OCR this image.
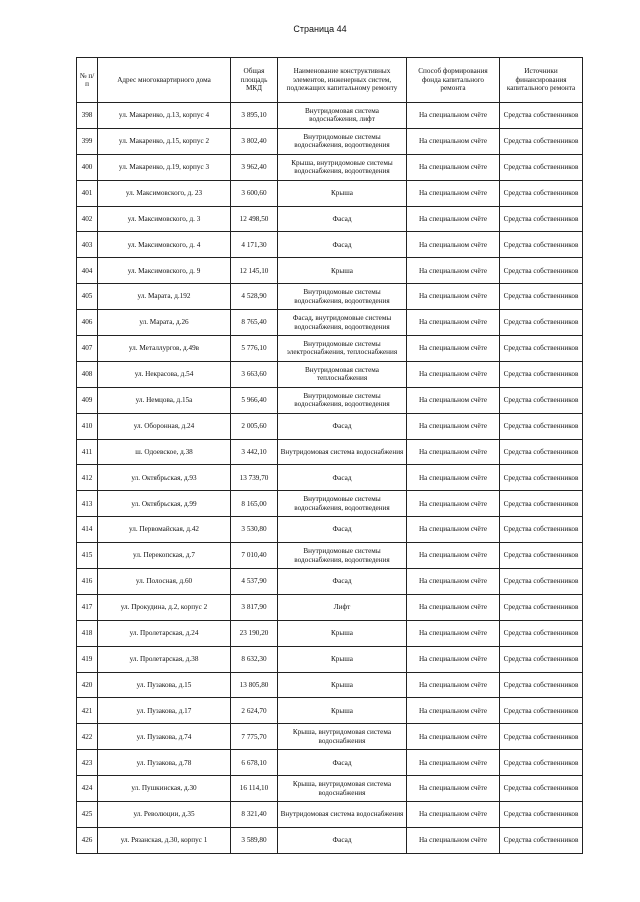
Страница 44
№ п/п	Адрес многоквартирного дома	Общая площадь МКД	Наименование конструктивных элементов, инженерных систем, подлежащих капитальному ремонту	Способ формирования фонда капитального ремонта	Источники финансирования капитального ремонта
398	ул. Макаренко, д.13, корпус 4	3 895,10	Внутридомовая система водоснабжения, лифт	На специальном счёте	Средства собственников
399	ул. Макаренко, д.15, корпус 2	3 802,40	Внутридомовые системы водоснабжения, водоотведения	На специальном счёте	Средства собственников
400	ул. Макаренко, д.19, корпус 3	3 962,40	Крыша, внутридомовые системы водоснабжения, водоотведения	На специальном счёте	Средства собственников
401	ул. Максимовского, д. 23	3 600,60	Крыша	На специальном счёте	Средства собственников
402	ул. Максимовского, д. 3	12 498,50	Фасад	На специальном счёте	Средства собственников
403	ул. Максимовского, д. 4	4 171,30	Фасад	На специальном счёте	Средства собственников
404	ул. Максимовского, д. 9	12 145,10	Крыша	На специальном счёте	Средства собственников
405	ул. Марата, д.192	4 528,90	Внутридомовые системы водоснабжения, водоотведения	На специальном счёте	Средства собственников
406	ул. Марата, д.26	8 765,40	Фасад, внутридомовые системы водоснабжения, водоотведения	На специальном счёте	Средства собственников
407	ул. Металлургов, д.49в	5 776,10	Внутридомовые системы электроснабжения, теплоснабжения	На специальном счёте	Средства собственников
408	ул. Некрасова, д.54	3 663,60	Внутридомовая система теплоснабжения	На специальном счёте	Средства собственников
409	ул. Немцова, д.15а	5 966,40	Внутридомовые системы водоснабжения, водоотведения	На специальном счёте	Средства собственников
410	ул. Оборонная, д.24	2 005,60	Фасад	На специальном счёте	Средства собственников
411	ш. Одоевское, д.38	3 442,10	Внутридомовая система водоснабжения	На специальном счёте	Средства собственников
412	ул. Октябрьская, д.93	13 739,70	Фасад	На специальном счёте	Средства собственников
413	ул. Октябрьская, д.99	8 165,00	Внутридомовые системы водоснабжения, водоотведения	На специальном счёте	Средства собственников
414	ул. Первомайская, д.42	3 530,80	Фасад	На специальном счёте	Средства собственников
415	ул. Перекопская, д.7	7 010,40	Внутридомовые системы водоснабжения, водоотведения	На специальном счёте	Средства собственников
416	ул. Полосная, д.60	4 537,90	Фасад	На специальном счёте	Средства собственников
417	ул. Прокудина, д.2, корпус 2	3 817,90	Лифт	На специальном счёте	Средства собственников
418	ул. Пролетарская, д.24	23 190,20	Крыша	На специальном счёте	Средства собственников
419	ул. Пролетарская, д.38	8 632,30	Крыша	На специальном счёте	Средства собственников
420	ул. Пузакова, д.15	13 805,80	Крыша	На специальном счёте	Средства собственников
421	ул. Пузакова, д.17	2 624,70	Крыша	На специальном счёте	Средства собственников
422	ул. Пузакова, д.74	7 775,70	Крыша, внутридомовая система водоснабжения	На специальном счёте	Средства собственников
423	ул. Пузакова, д.78	6 678,10	Фасад	На специальном счёте	Средства собственников
424	ул. Пушкинская, д.30	16 114,10	Крыша, внутридомовая система водоснабжения	На специальном счёте	Средства собственников
425	ул. Революции, д.35	8 321,40	Внутридомовая система водоснабжения	На специальном счёте	Средства собственников
426	ул. Рязанская, д.30, корпус 1	3 589,80	Фасад	На специальном счёте	Средства собственников
